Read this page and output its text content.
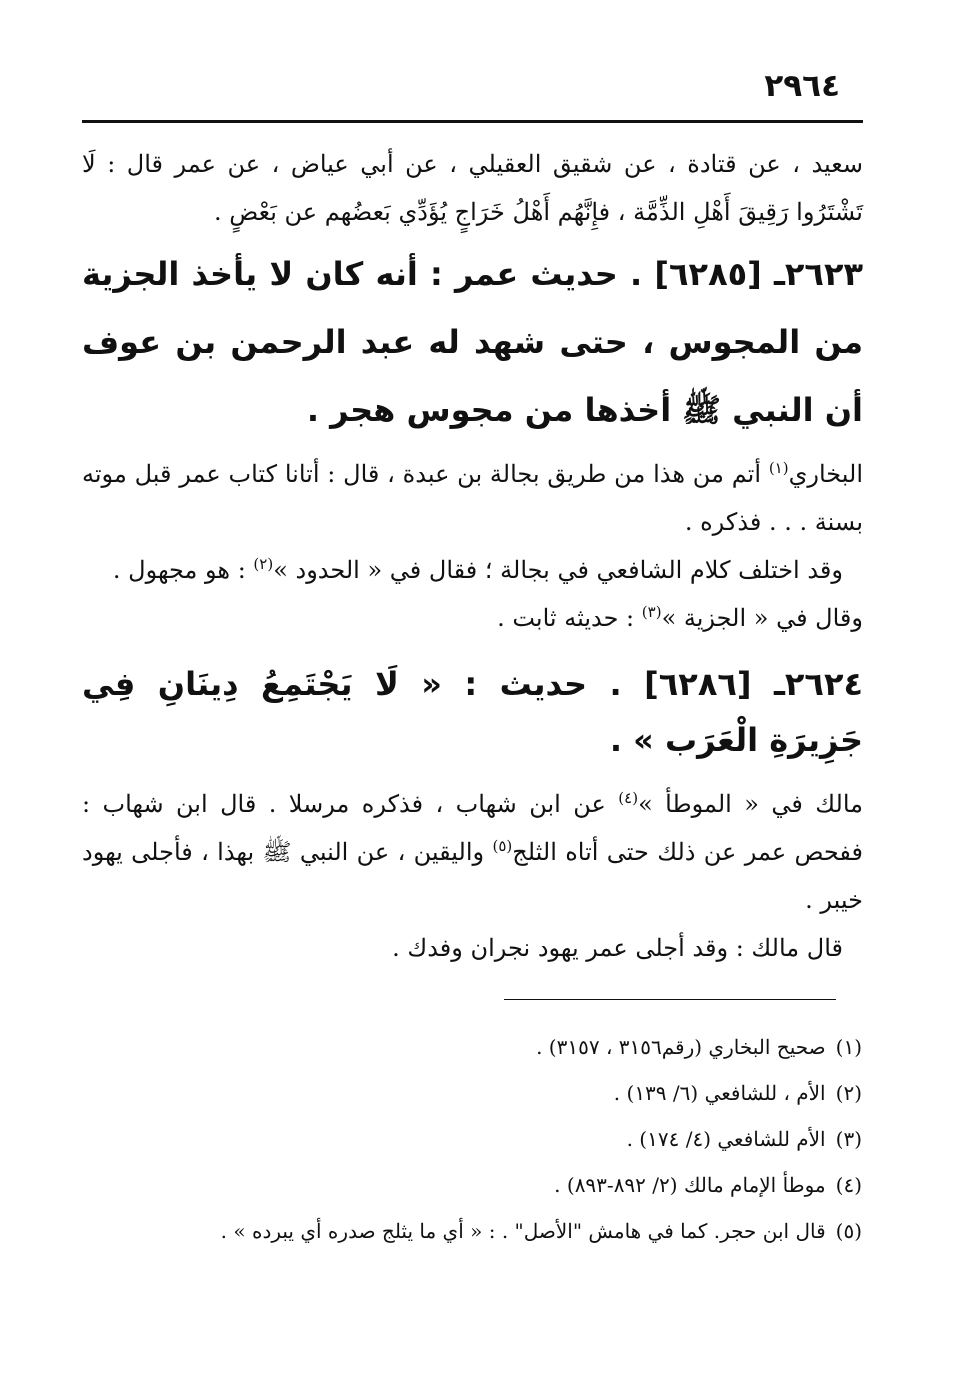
٢٩٦٤

سعيد ، عن قتادة ، عن شقيق العقيلي ، عن أبي عياض ، عن عمر قال : لَا تَشْتَرُوا رَقِيقَ أَهْلِ الذِّمَّة ، فإِنَّهُم أَهْلُ خَرَاجٍ يُؤَدِّي بَعضُهم عن بَعْضٍ .

٢٦٢٣ـ [٦٢٨٥] . حديث عمر : أنه كان لا يأخذ الجزية من المجوس ، حتى شهد له عبد الرحمن بن عوف أن النبي ﷺ أخذها من مجوس هجر .

البخاري$^{(١)}$ أتم من هذا من طريق بجالة بن عبدة ، قال : أتانا كتاب عمر قبل موته بسنة . . . فذكره .

وقد اختلف كلام الشافعي في بجالة ؛ فقال في « الحدود »$^{(٢)}$ : هو مجهول .

وقال في « الجزية »$^{(٣)}$ : حديثه ثابت .

٢٦٢٤ـ [٦٢٨٦] . حديث : « لَا يَجْتَمِعُ دِينَانِ فِي جَزِيرَةِ الْعَرَب » .

مالك في « الموطأ »$^{(٤)}$ عن ابن شهاب ، فذكره مرسلا . قال ابن شهاب : ففحص عمر عن ذلك حتى أتاه الثلج$^{(٥)}$ واليقين ، عن النبي ﷺ بهذا ، فأجلى يهود خيبر .

قال مالك : وقد أجلى عمر يهود نجران وفدك .

(١)صحيح البخاري (رقم٣١٥٦ ، ٣١٥٧) .

(٢)الأم ، للشافعي (٦/ ١٣٩) .

(٣)الأم للشافعي (٤/ ١٧٤) .

(٤)موطأ الإمام مالك (٢/ ٨٩٢-٨٩٣) .

(٥)قال ابن حجر. كما في هامش "الأصل" . : « أي ما يثلج صدره أي يبرده » .
